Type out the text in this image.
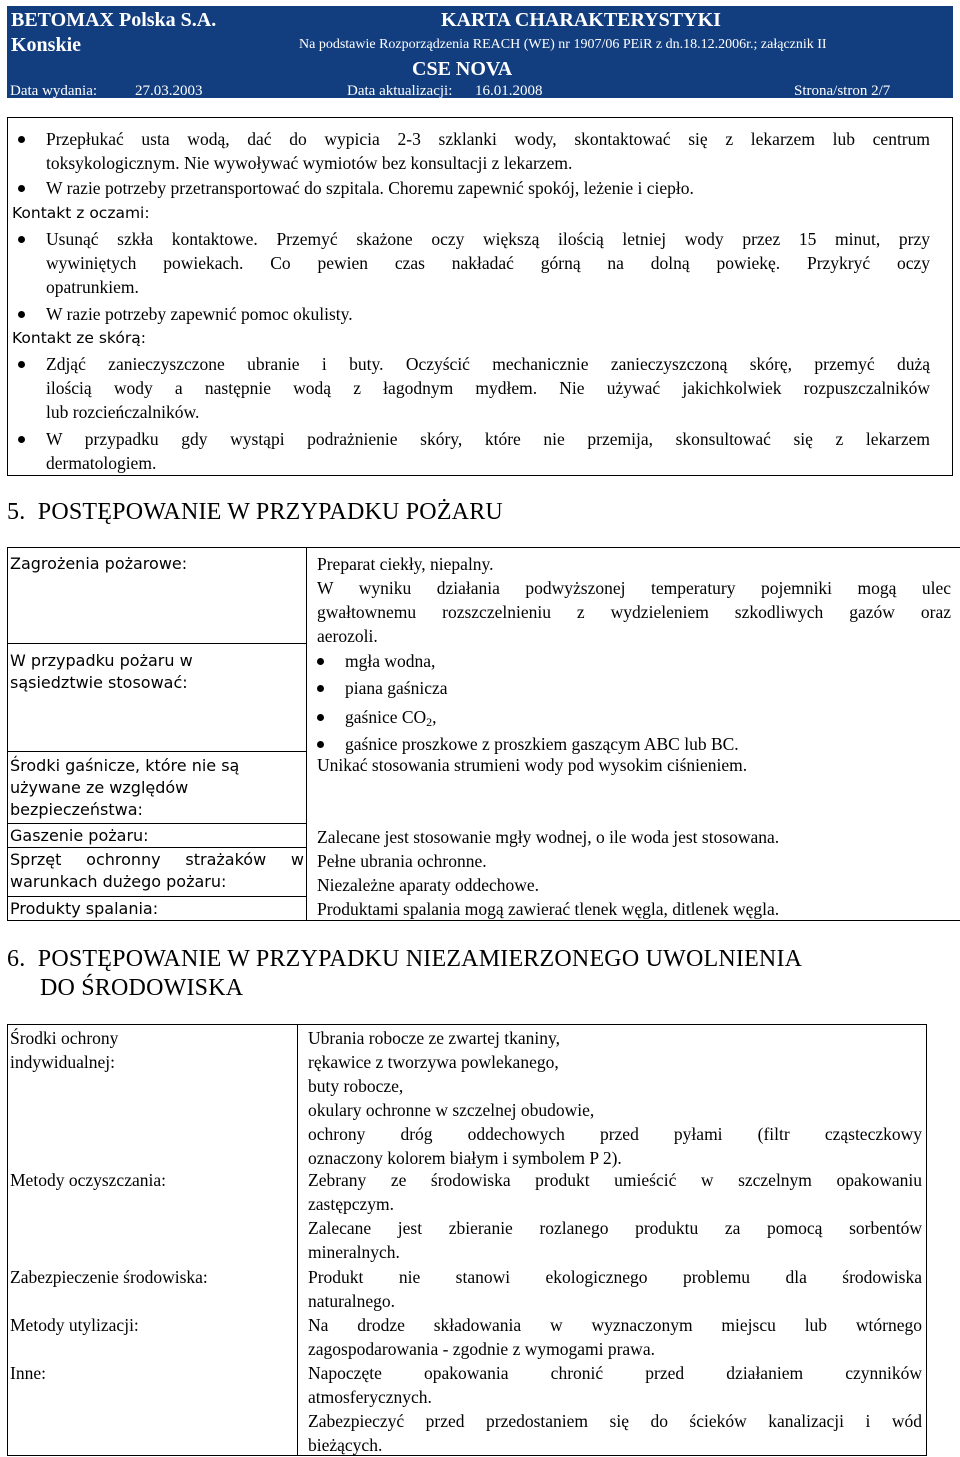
BETOMAX Polska S.A.
Konskie
KARTA CHARAKTERYSTYKI
Na podstawie Rozporządzenia REACH (WE) nr 1907/06 PEiR z dn.18.12.2006r.; załącznik II
CSE NOVA
Data wydania:	27.03.2003	Data aktualizacji: 16.01.2008	Strona/stron 2/7
Przepłukać usta wodą, dać do wypicia 2-3 szklanki wody, skontaktować się z lekarzem lub centrum
toksykologicznym. Nie wywoływać wymiotów bez konsultacji z lekarzem.
W razie potrzeby przetransportować do szpitala. Choremu zapewnić spokój, leżenie i ciepło.
Kontakt z oczami:
Usunąć szkła kontaktowe. Przemyć skażone oczy większą ilością letniej wody przez 15 minut, przy
wywiniętych powiekach. Co pewien czas nakładać górną na dolną powiekę. Przykryć oczy
opatrunkiem.
W razie potrzeby zapewnić pomoc okulisty.
Kontakt ze skórą:
Zdjąć zanieczyszczone ubranie i buty. Oczyścić mechanicznie zanieczyszczoną skórę, przemyć dużą
ilością wody a następnie wodą z łagodnym mydłem. Nie używać jakichkolwiek rozpuszczalników
lub rozcieńczalników.
W przypadku gdy wystąpi podrażnienie skóry, które nie przemija, skonsultować się z lekarzem
dermatologiem.
5.  POSTĘPOWANIE W PRZYPADKU POŻARU
Zagrożenia pożarowe:	Preparat ciekły, niepalny.
W wyniku działania podwyższonej temperatury pojemniki mogą ulec
gwałtownemu rozszczelnieniu z wydzieleniem szkodliwych gazów oraz
aerozoli.
W przypadku pożaru w
sąsiedztwie stosować:
mgła wodna,
piana gaśnicza
gaśnice $CO_2$,
gaśnice proszkowe z proszkiem gaszącym ABC lub BC.
Środki gaśnicze, które nie są
używane ze względów
bezpieczeństwa:
Unikać stosowania strumieni wody pod wysokim ciśnieniem.
Gaszenie pożaru:	Zalecane jest stosowanie mgły wodnej, o ile woda jest stosowana.
Sprzęt ochronny strażaków w
warunkach dużego pożaru:
Pełne ubrania ochronne.
Niezależne aparaty oddechowe.
Produkty spalania:	Produktami spalania mogą zawierać tlenek węgla, ditlenek węgla.
6.  POSTĘPOWANIE W PRZYPADKU NIEZAMIERZONEGO UWOLNIENIA
DO ŚRODOWISKA
Środki ochrony
indywidualnej:
Ubrania robocze ze zwartej tkaniny,
rękawice z tworzywa powlekanego,
buty robocze,
okulary ochronne w szczelnej obudowie,
ochrony dróg oddechowych przed pyłami (filtr cząsteczkowy
oznaczony kolorem białym i symbolem P 2).
Metody oczyszczania:	Zebrany ze środowiska produkt umieścić w szczelnym opakowaniu
zastępczym.
Zalecane jest zbieranie rozlanego produktu za pomocą sorbentów
mineralnych.
Zabezpieczenie środowiska:	Produkt nie stanowi ekologicznego problemu dla środowiska
naturalnego.
Metody utylizacji:	Na drodze składowania w wyznaczonym miejscu lub wtórnego
zagospodarowania - zgodnie z wymogami prawa.
Inne:	Napoczęte opakowania chronić przed działaniem czynników
atmosferycznych.
Zabezpieczyć przed przedostaniem się do ścieków kanalizacji i wód
bieżących.
